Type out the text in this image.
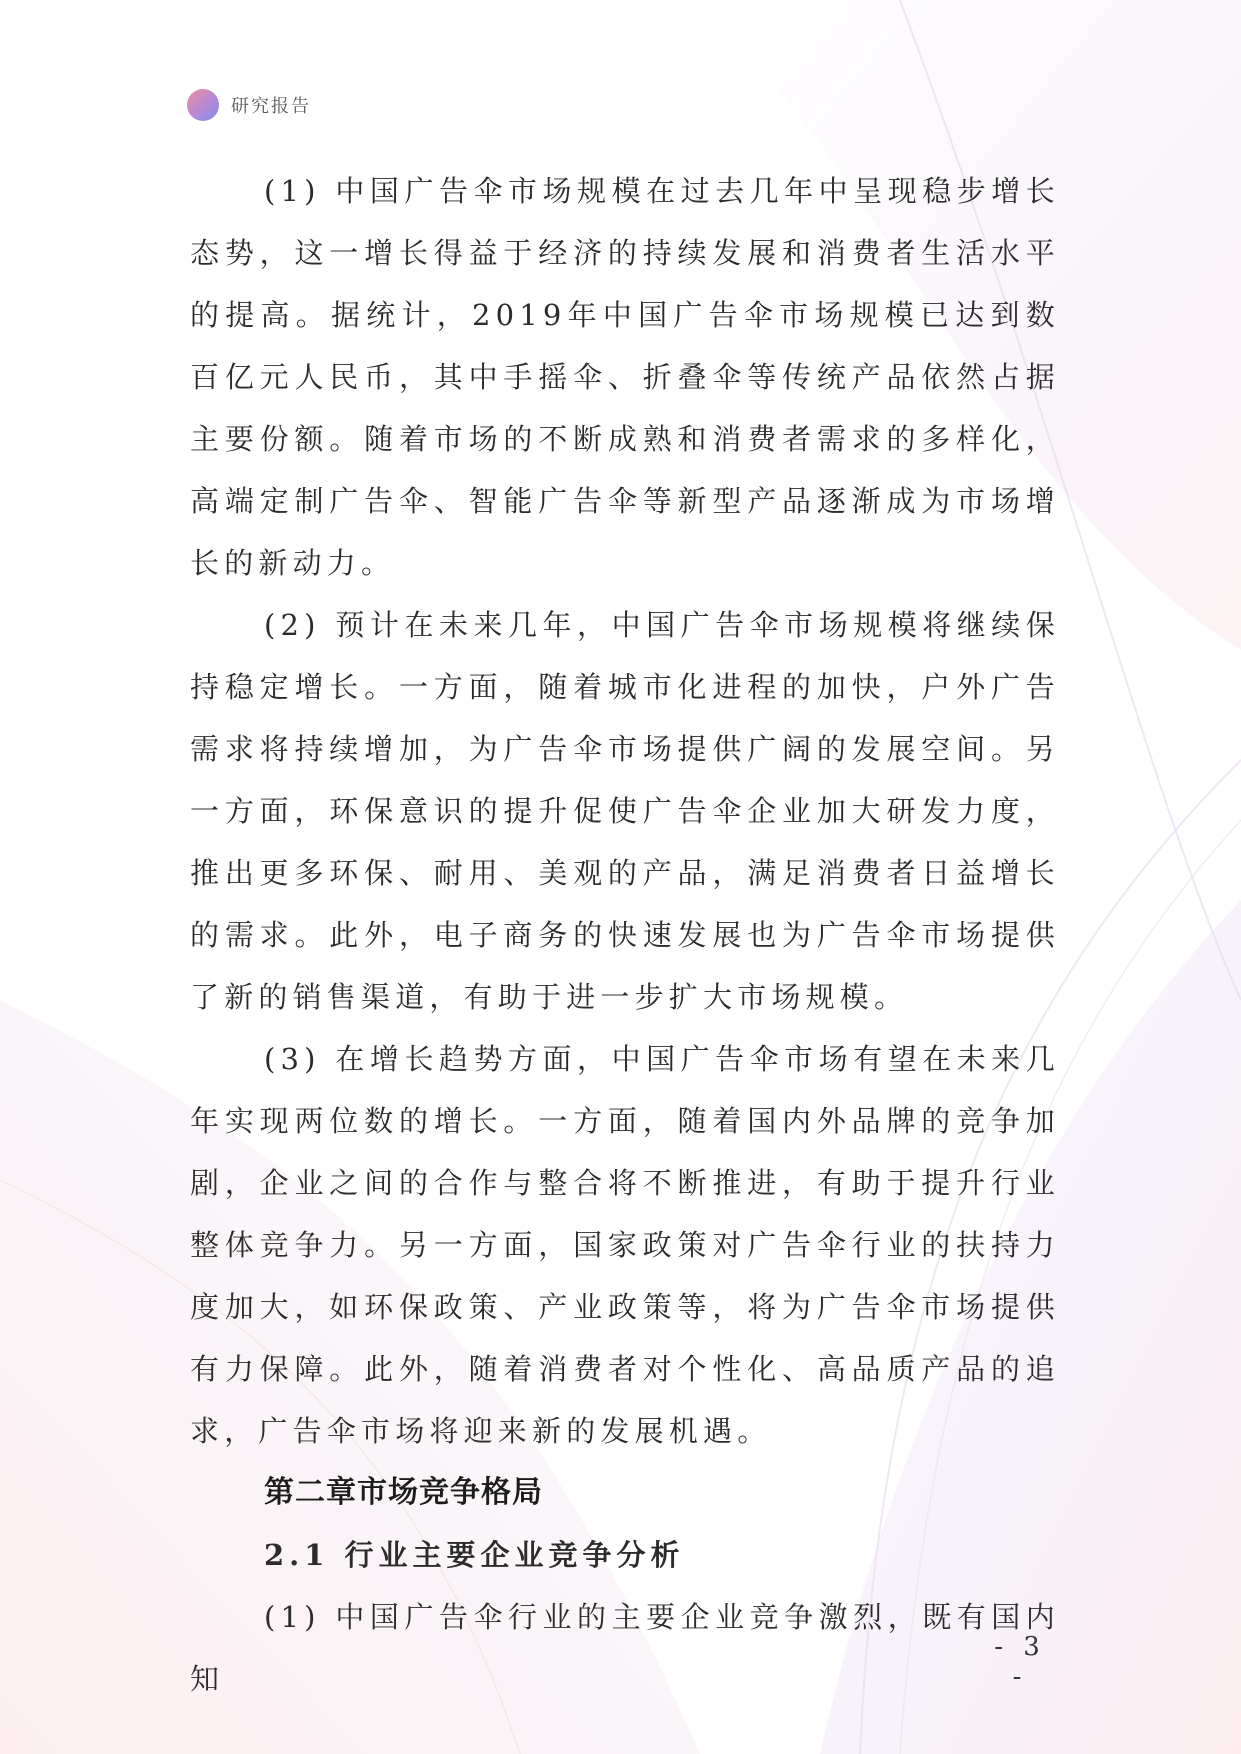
研究报告

(1) 中国广告伞市场规模在过去几年中呈现稳步增长态势，这一增长得益于经济的持续发展和消费者生活水平的提高。据统计，2019年中国广告伞市场规模已达到数百亿元人民币，其中手摇伞、折叠伞等传统产品依然占据主要份额。随着市场的不断成熟和消费者需求的多样化，高端定制广告伞、智能广告伞等新型产品逐渐成为市场增长的新动力。

(2) 预计在未来几年，中国广告伞市场规模将继续保持稳定增长。一方面，随着城市化进程的加快，户外广告需求将持续增加，为广告伞市场提供广阔的发展空间。另一方面，环保意识的提升促使广告伞企业加大研发力度，推出更多环保、耐用、美观的产品，满足消费者日益增长的需求。此外，电子商务的快速发展也为广告伞市场提供了新的销售渠道，有助于进一步扩大市场规模。

(3) 在增长趋势方面，中国广告伞市场有望在未来几年实现两位数的增长。一方面，随着国内外品牌的竞争加剧，企业之间的合作与整合将不断推进，有助于提升行业整体竞争力。另一方面，国家政策对广告伞行业的扶持力度加大，如环保政策、产业政策等，将为广告伞市场提供有力保障。此外，随着消费者对个性化、高品质产品的追求，广告伞市场将迎来新的发展机遇。

第二章市场竞争格局
2.1 行业主要企业竞争分析

(1) 中国广告伞行业的主要企业竞争激烈，既有国内知

- 3 -
